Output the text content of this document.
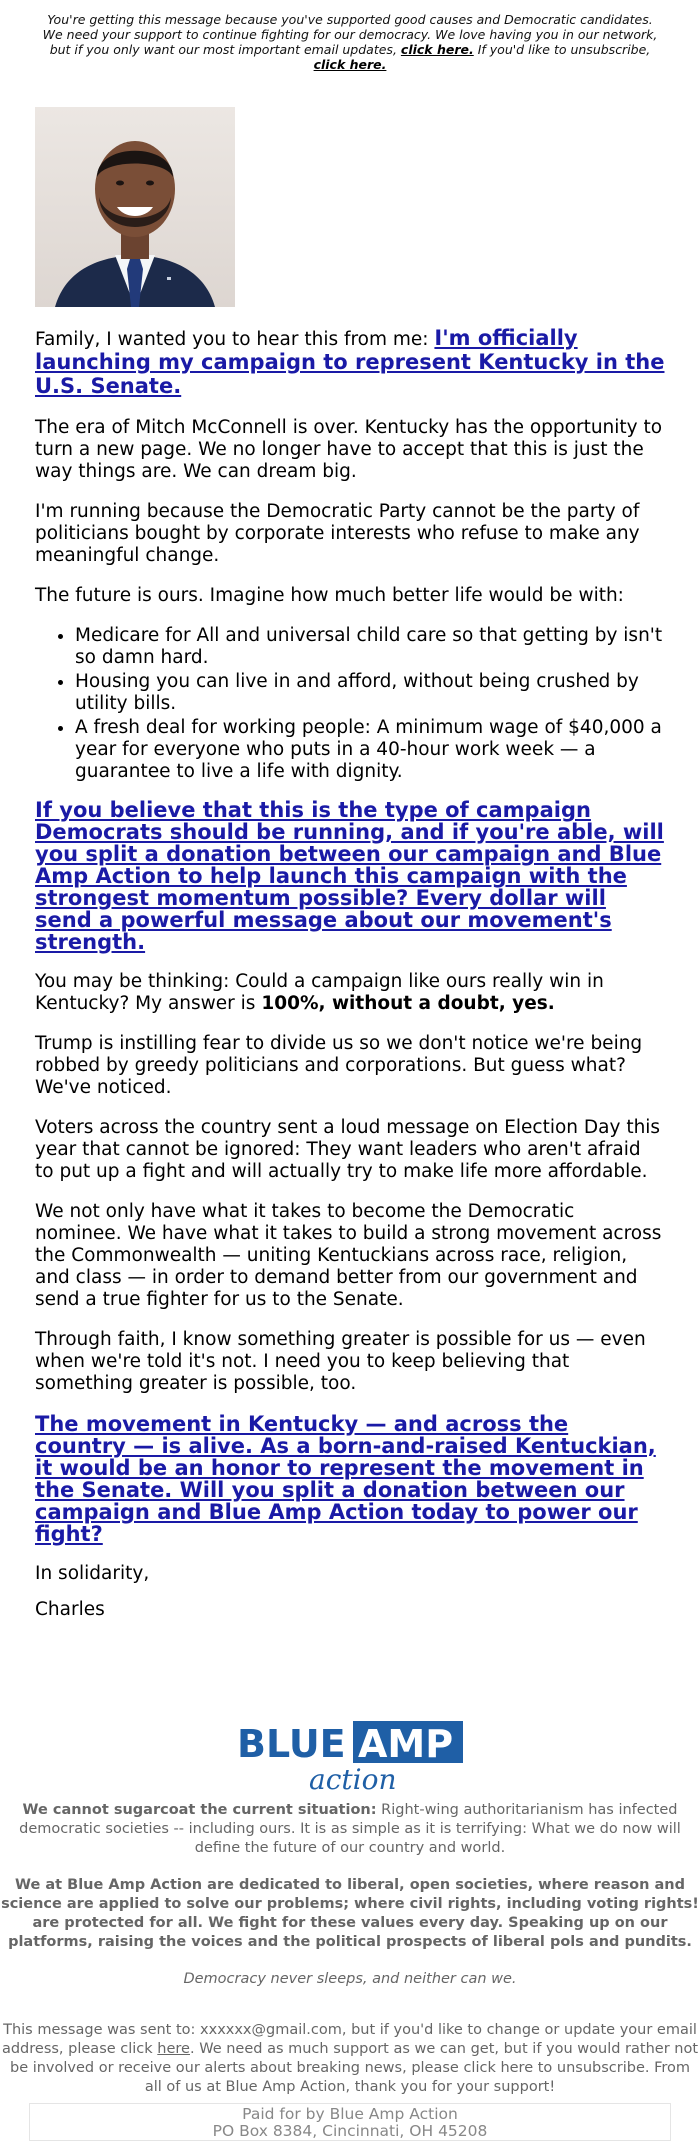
You're getting this message because you've supported good causes and Democratic candidates. We need your support to continue fighting for our democracy. We love having you in our network, but if you only want our most important email updates, click here. If you'd like to unsubscribe, click here.

Family, I wanted you to hear this from me: I'm officially launching my campaign to represent Kentucky in the U.S. Senate.

The era of Mitch McConnell is over. Kentucky has the opportunity to turn a new page. We no longer have to accept that this is just the way things are. We can dream big.

I'm running because the Democratic Party cannot be the party of politicians bought by corporate interests who refuse to make any meaningful change.

The future is ours. Imagine how much better life would be with:

• Medicare for All and universal child care so that getting by isn't so damn hard.
• Housing you can live in and afford, without being crushed by utility bills.
• A fresh deal for working people: A minimum wage of $40,000 a year for everyone who puts in a 40-hour work week — a guarantee to live a life with dignity.

If you believe that this is the type of campaign Democrats should be running, and if you're able, will you split a donation between our campaign and Blue Amp Action to help launch this campaign with the strongest momentum possible? Every dollar will send a powerful message about our movement's strength.

You may be thinking: Could a campaign like ours really win in Kentucky? My answer is 100%, without a doubt, yes.

Trump is instilling fear to divide us so we don't notice we're being robbed by greedy politicians and corporations. But guess what? We've noticed.

Voters across the country sent a loud message on Election Day this year that cannot be ignored: They want leaders who aren't afraid to put up a fight and will actually try to make life more affordable.

We not only have what it takes to become the Democratic nominee. We have what it takes to build a strong movement across the Commonwealth — uniting Kentuckians across race, religion, and class — in order to demand better from our government and send a true fighter for us to the Senate.

Through faith, I know something greater is possible for us — even when we're told it's not. I need you to keep believing that something greater is possible, too.

The movement in Kentucky — and across the country — is alive. As a born-and-raised Kentuckian, it would be an honor to represent the movement in the Senate. Will you split a donation between our campaign and Blue Amp Action today to power our fight?

In solidarity,

Charles

BLUE AMP
action

We cannot sugarcoat the current situation: Right-wing authoritarianism has infected democratic societies -- including ours. It is as simple as it is terrifying: What we do now will define the future of our country and world.

We at Blue Amp Action are dedicated to liberal, open societies, where reason and science are applied to solve our problems; where civil rights, including voting rights! are protected for all. We fight for these values every day. Speaking up on our platforms, raising the voices and the political prospects of liberal pols and pundits.

Democracy never sleeps, and neither can we.

This message was sent to: xxxxxx@gmail.com, but if you'd like to change or update your email address, please click here. We need as much support as we can get, but if you would rather not be involved or receive our alerts about breaking news, please click here to unsubscribe. From all of us at Blue Amp Action, thank you for your support!

Paid for by Blue Amp Action
PO Box 8384, Cincinnati, OH 45208
